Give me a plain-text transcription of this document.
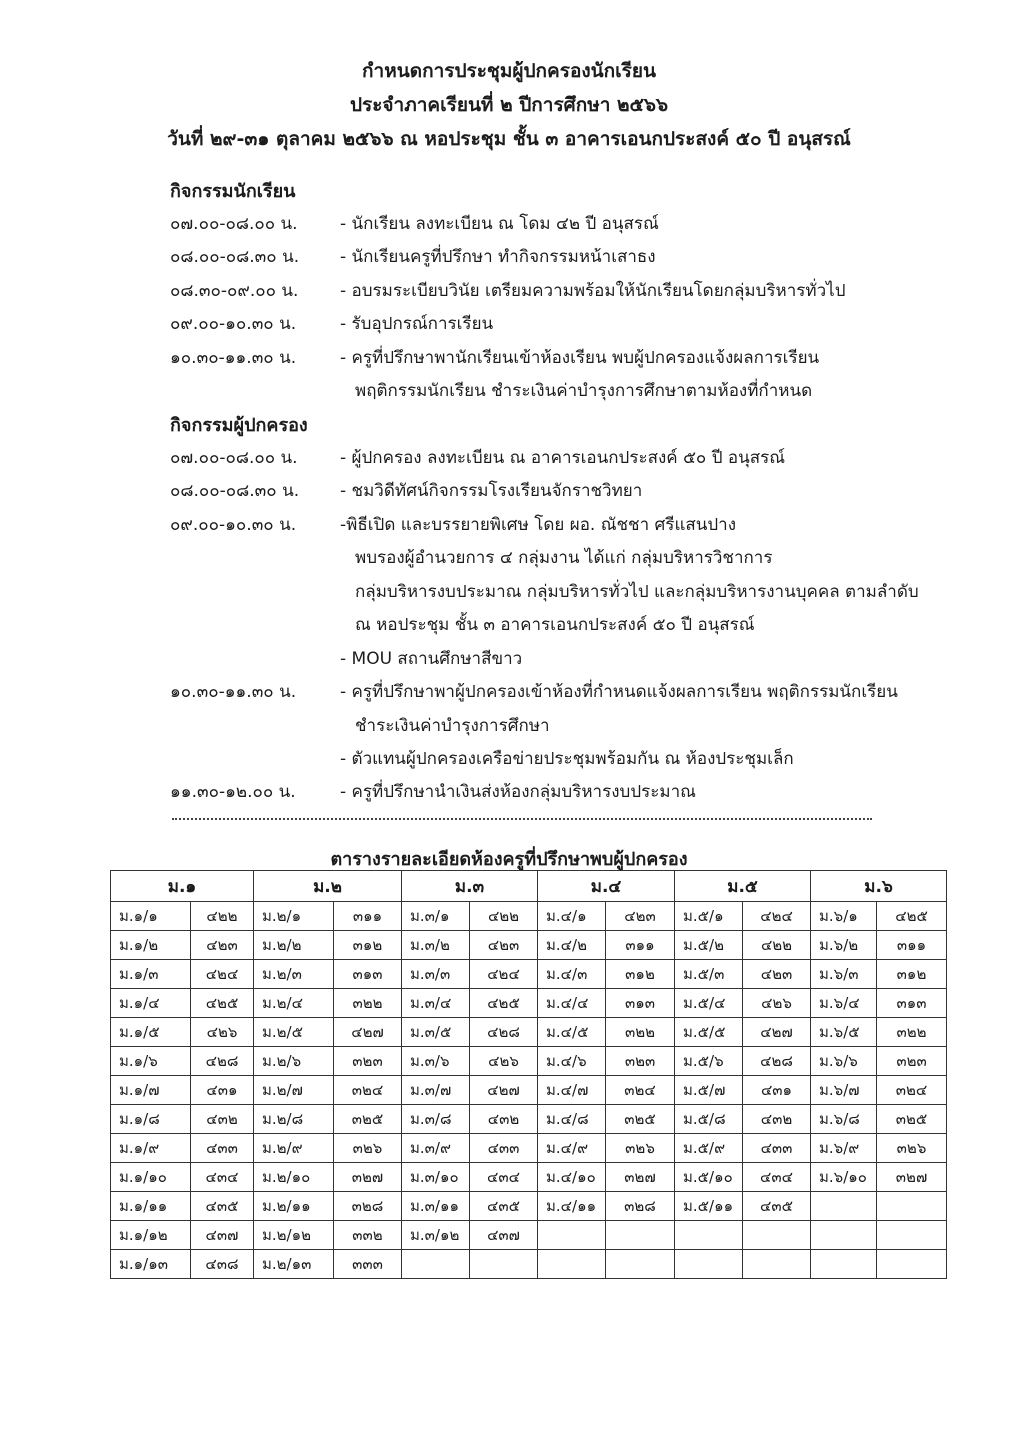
กำหนดการประชุมผู้ปกครองนักเรียน
ประจำภาคเรียนที่ ๒ ปีการศึกษา ๒๕๖๖
วันที่ ๒๙-๓๑ ตุลาคม ๒๕๖๖ ณ หอประชุม ชั้น ๓ อาคารเอนกประสงค์ ๕๐ ปี อนุสรณ์
กิจกรรมนักเรียน
๐๗.๐๐-๐๘.๐๐ น. - นักเรียน ลงทะเบียน ณ โดม ๔๒ ปี อนุสรณ์
๐๘.๐๐-๐๘.๓๐ น. - นักเรียนครูที่ปรึกษา ทำกิจกรรมหน้าเสาธง
๐๘.๓๐-๐๙.๐๐ น. - อบรมระเบียบวินัย เตรียมความพร้อมให้นักเรียนโดยกลุ่มบริหารทั่วไป
๐๙.๐๐-๑๐.๓๐ น.	- รับอุปกรณ์การเรียน
๑๐.๓๐-๑๑.๓๐ น.	- ครูที่ปรึกษาพานักเรียนเข้าห้องเรียน พบผู้ปกครองแจ้งผลการเรียน
พฤติกรรมนักเรียน ชำระเงินค่าบำรุงการศึกษาตามห้องที่กำหนด
กิจกรรมผู้ปกครอง
๐๗.๐๐-๐๘.๐๐ น. - ผู้ปกครอง ลงทะเบียน ณ อาคารเอนกประสงค์ ๕๐ ปี อนุสรณ์
๐๘.๐๐-๐๘.๓๐ น. - ชมวิดีทัศน์กิจกรรมโรงเรียนจักราชวิทยา
๐๙.๐๐-๑๐.๓๐ น.	-พิธีเปิด และบรรยายพิเศษ โดย ผอ. ณัชชา ศรีแสนปาง
พบรองผู้อำนวยการ ๔ กลุ่มงาน ได้แก่ กลุ่มบริหารวิชาการ
กลุ่มบริหารงบประมาณ กลุ่มบริหารทั่วไป และกลุ่มบริหารงานบุคคล ตามลำดับ
ณ หอประชุม ชั้น ๓ อาคารเอนกประสงค์ ๕๐ ปี อนุสรณ์
- MOU สถานศึกษาสีขาว
๑๐.๓๐-๑๑.๓๐ น.	- ครูที่ปรึกษาพาผู้ปกครองเข้าห้องที่กำหนดแจ้งผลการเรียน พฤติกรรมนักเรียน
ชำระเงินค่าบำรุงการศึกษา
- ตัวแทนผู้ปกครองเครือข่ายประชุมพร้อมกัน ณ ห้องประชุมเล็ก
๑๑.๓๐-๑๒.๐๐ น.	- ครูที่ปรึกษานำเงินส่งห้องกลุ่มบริหารงบประมาณ
ตารางรายละเอียดห้องครูที่ปรึกษาพบผู้ปกครอง
ม.๑		ม.๒		ม.๓		ม.๔		ม.๕		ม.๖	
ม.๑/๑	๔๒๒	ม.๒/๑	๓๑๑	ม.๓/๑	๔๒๒	ม.๔/๑	๔๒๓	ม.๕/๑	๔๒๔	ม.๖/๑	๔๒๕
ม.๑/๒	๔๒๓	ม.๒/๒	๓๑๒	ม.๓/๒	๔๒๓	ม.๔/๒	๓๑๑	ม.๕/๒	๔๒๒	ม.๖/๒	๓๑๑
ม.๑/๓	๔๒๔	ม.๒/๓	๓๑๓	ม.๓/๓	๔๒๔	ม.๔/๓	๓๑๒	ม.๕/๓	๔๒๓	ม.๖/๓	๓๑๒
ม.๑/๔	๔๒๕	ม.๒/๔	๓๒๒	ม.๓/๔	๔๒๕	ม.๔/๔	๓๑๓	ม.๕/๔	๔๒๖	ม.๖/๔	๓๑๓
ม.๑/๕	๔๒๖	ม.๒/๕	๔๒๗	ม.๓/๕	๔๒๘	ม.๔/๕	๓๒๒	ม.๕/๕	๔๒๗	ม.๖/๕	๓๒๒
ม.๑/๖	๔๒๘	ม.๒/๖	๓๒๓	ม.๓/๖	๔๒๖	ม.๔/๖	๓๒๓	ม.๕/๖	๔๒๘	ม.๖/๖	๓๒๓
ม.๑/๗	๔๓๑	ม.๒/๗	๓๒๔	ม.๓/๗	๔๒๗	ม.๔/๗	๓๒๔	ม.๕/๗	๔๓๑	ม.๖/๗	๓๒๔
ม.๑/๘	๔๓๒	ม.๒/๘	๓๒๕	ม.๓/๘	๔๓๒	ม.๔/๘	๓๒๕	ม.๕/๘	๔๓๒	ม.๖/๘	๓๒๕
ม.๑/๙	๔๓๓	ม.๒/๙	๓๒๖	ม.๓/๙	๔๓๓	ม.๔/๙	๓๒๖	ม.๕/๙	๔๓๓	ม.๖/๙	๓๒๖
ม.๑/๑๐	๔๓๔	ม.๒/๑๐	๓๒๗	ม.๓/๑๐	๔๓๔	ม.๔/๑๐	๓๒๗	ม.๕/๑๐	๔๓๔	ม.๖/๑๐	๓๒๗
ม.๑/๑๑	๔๓๕	ม.๒/๑๑	๓๒๘	ม.๓/๑๑	๔๓๕	ม.๔/๑๑	๓๒๘	ม.๕/๑๑	๔๓๕		
ม.๑/๑๒	๔๓๗	ม.๒/๑๒	๓๓๒	ม.๓/๑๒	๔๓๗						
ม.๑/๑๓	๔๓๘	ม.๒/๑๓	๓๓๓								
